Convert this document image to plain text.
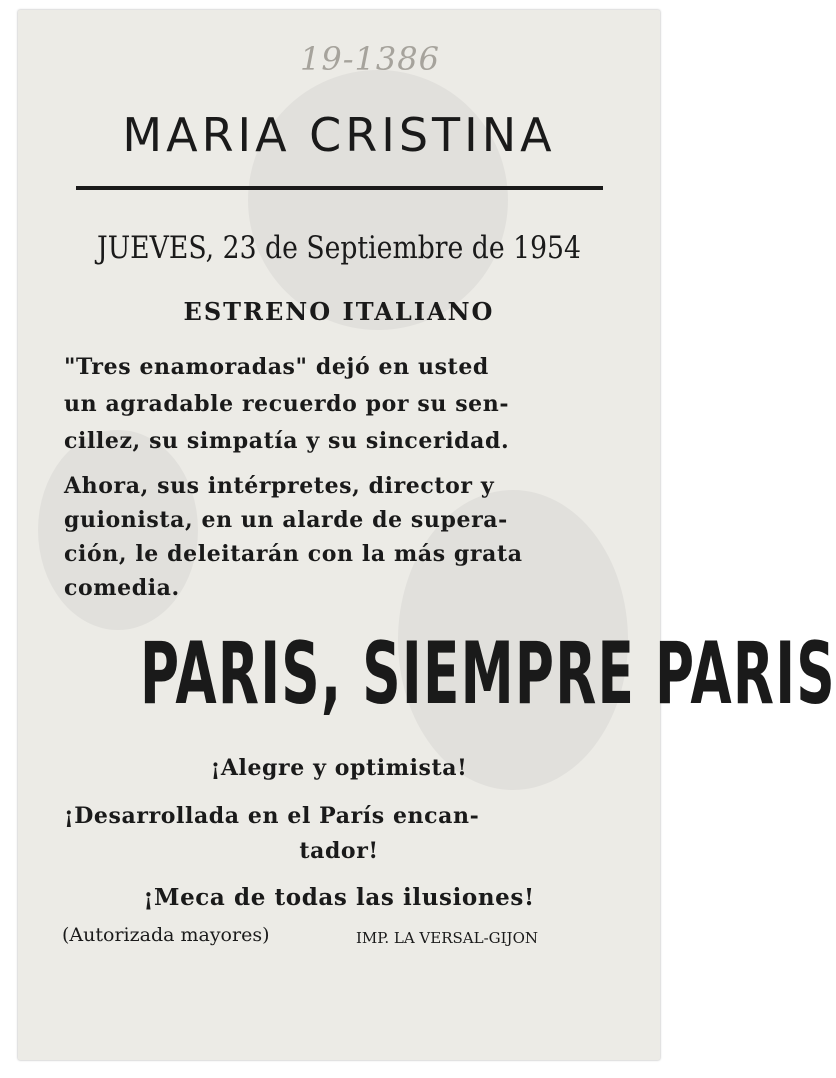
19-1386
MARIA CRISTINA
JUEVES, 23 de Septiembre de 1954
ESTRENO ITALIANO
"Tres enamoradas" dejó en usted
un agradable recuerdo por su sen-
cillez, su simpatía y su sinceridad.
Ahora, sus intérpretes, director y
guionista, en un alarde de supera-
ción, le deleitarán con la más grata
comedia.
PARIS, SIEMPRE PARIS
¡Alegre y optimista!
¡Desarrollada en el París encan-
tador!
¡Meca de todas las ilusiones!
(Autorizada mayores)	IMP. LA VERSAL-GIJON
